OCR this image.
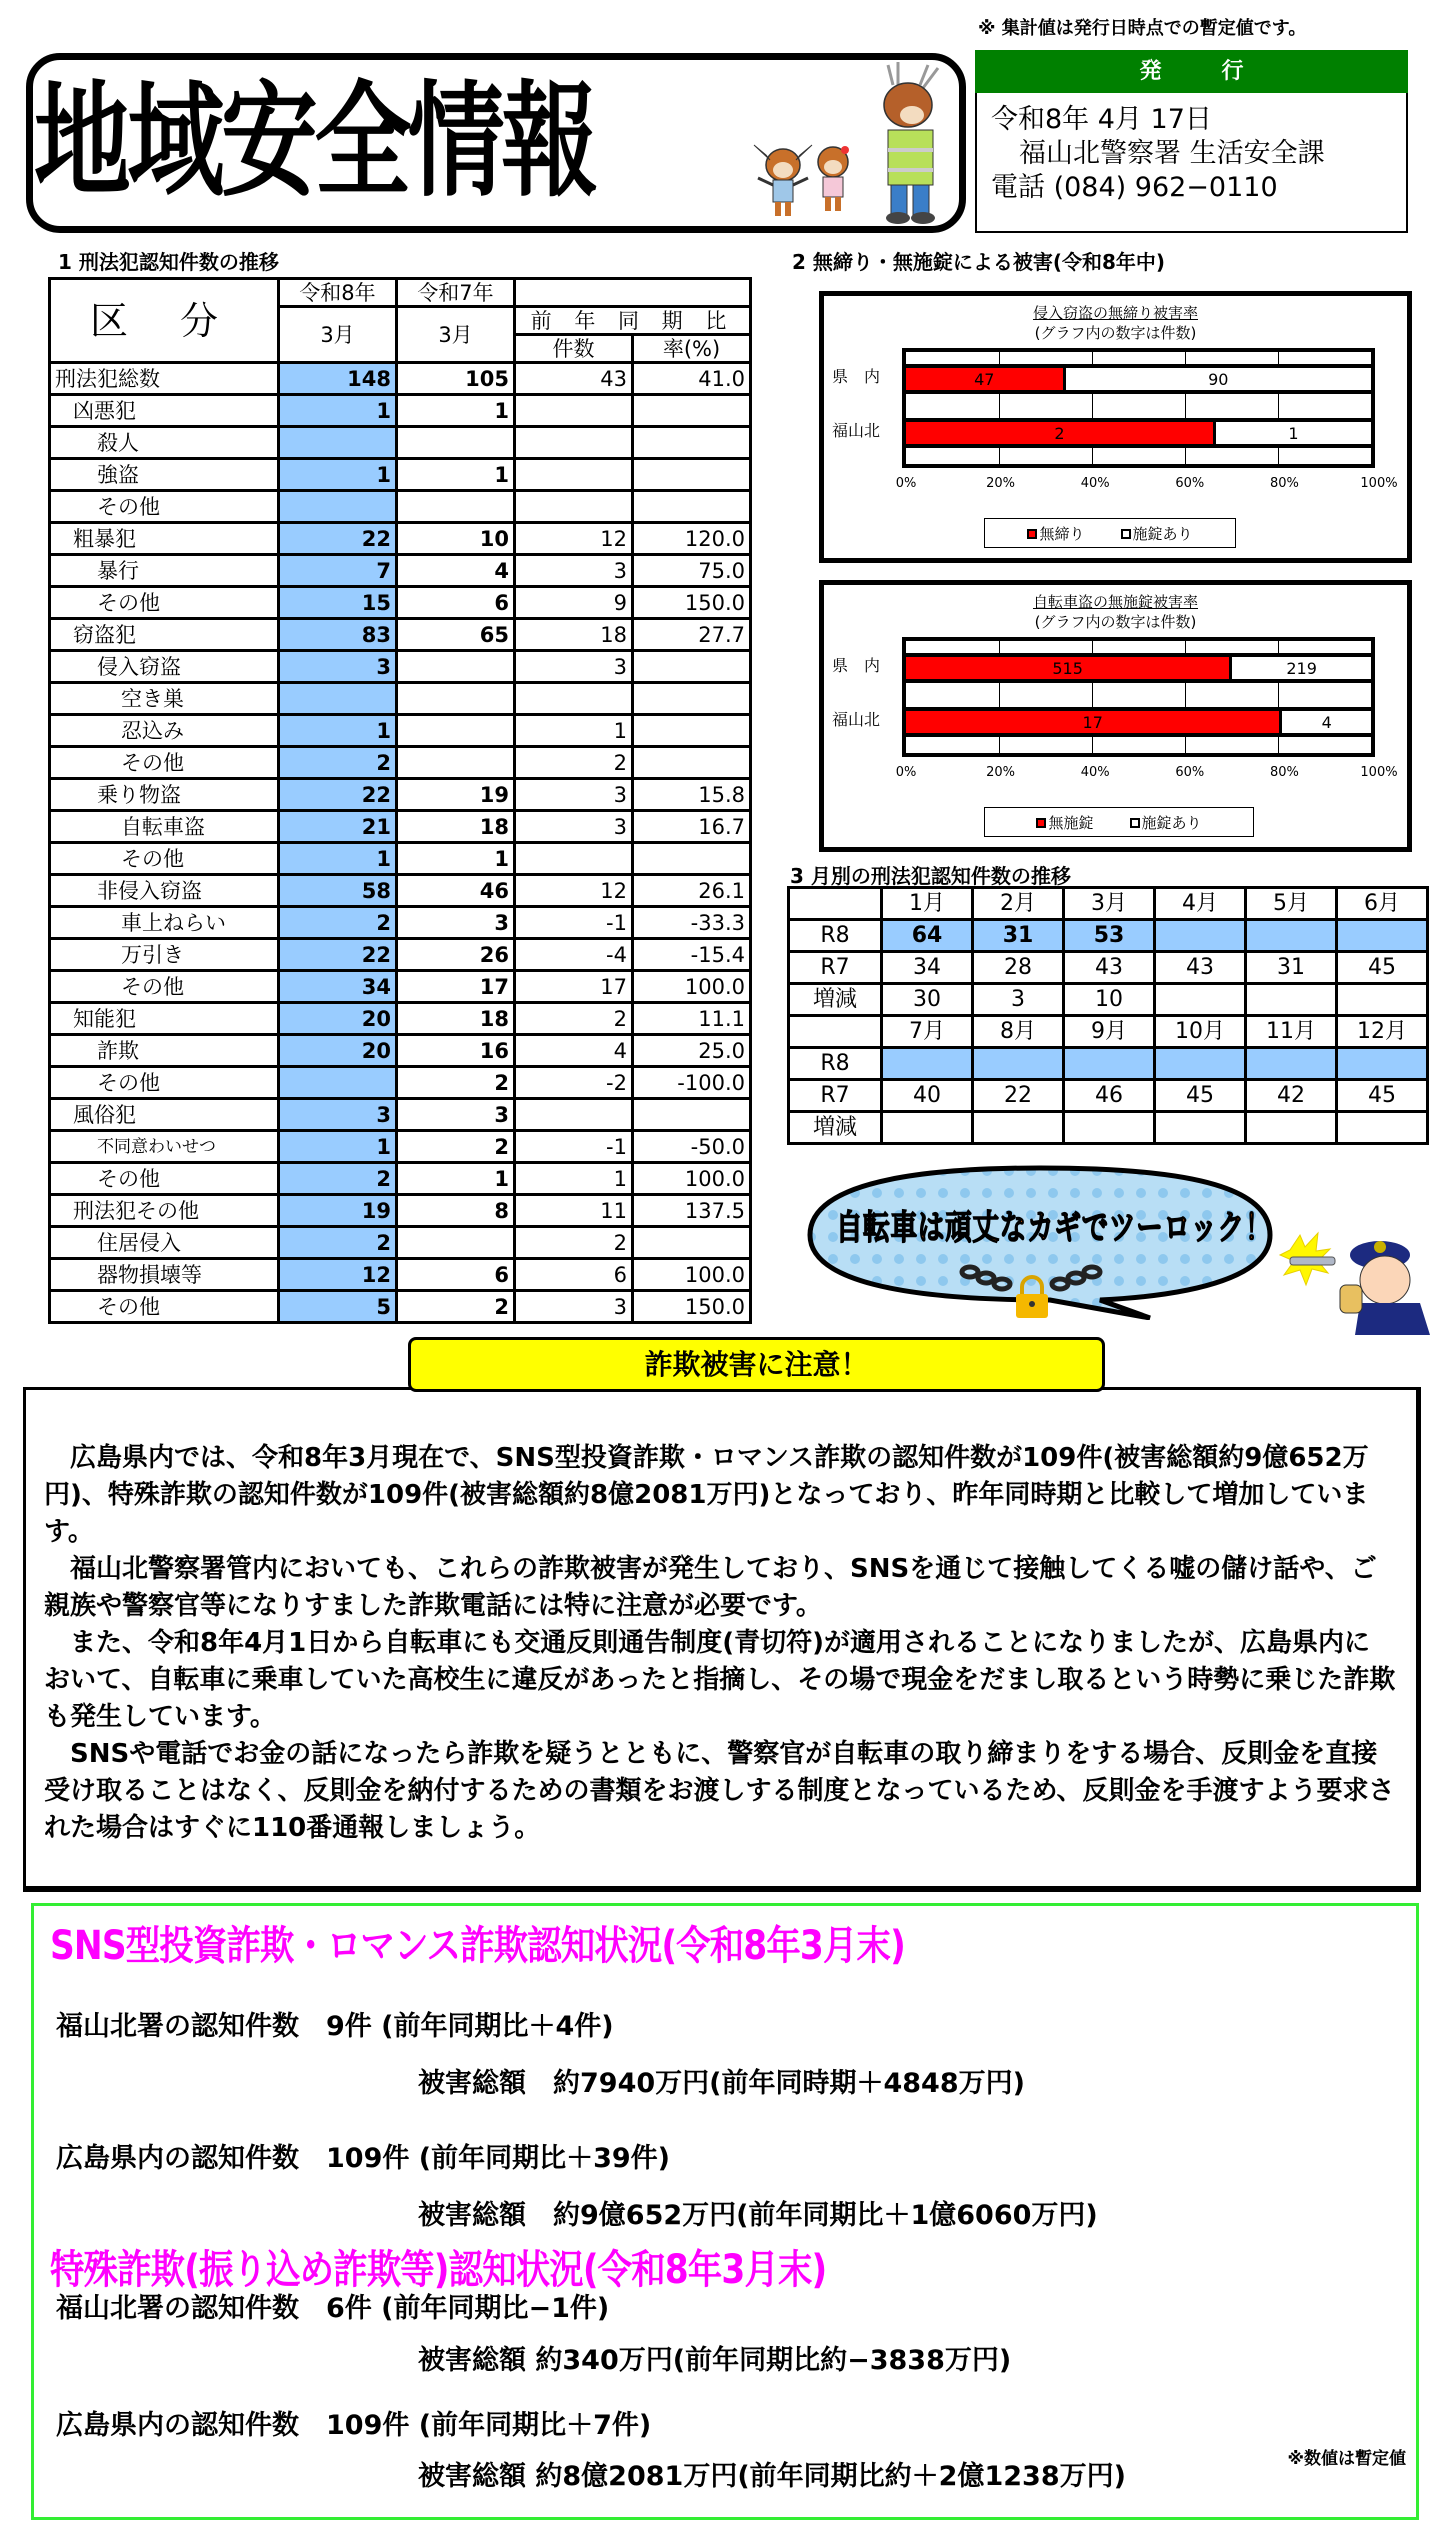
地域安全情報
※ 集計値は発行日時点での暫定値です。
発行
令和8年 4月 17日
福山北警察署 生活安全課
電話 (084) 962−0110
1 刑法犯認知件数の推移
区 分	令和8年	令和7年		
	3月	3月	前 年 同 期 比	
			件数	率(%)
刑法犯総数	148	105	43	41.0
凶悪犯	1	1		
殺人				
強盗	1	1		
その他				
粗暴犯	22	10	12	120.0
暴行	7	4	3	75.0
その他	15	6	9	150.0
窃盗犯	83	65	18	27.7
侵入窃盗	3		3	
空き巣				
忍込み	1		1	
その他	2		2	
乗り物盗	22	19	3	15.8
自転車盗	21	18	3	16.7
その他	1	1		
非侵入窃盗	58	46	12	26.1
車上ねらい	2	3	-1	-33.3
万引き	22	26	-4	-15.4
その他	34	17	17	100.0
知能犯	20	18	2	11.1
詐欺	20	16	4	25.0
その他		2	-2	-100.0
風俗犯	3	3		
不同意わいせつ	1	2	-1	-50.0
その他	2	1	1	100.0
刑法犯その他	19	8	11	137.5
住居侵入	2		2	
器物損壊等	12	6	6	100.0
その他	5	2	3	150.0
2 無締り・無施錠による被害(令和8年中)
侵入窃盗の無締り被害率
(グラフ内の数字は件数)
県　内
福山北
47	90
2	1
0%	20%	40%	60%	80%	100%
無締り	施錠あり
自転車盗の無施錠被害率
(グラフ内の数字は件数)
県　内
福山北
515	219
17	4
0%	20%	40%	60%	80%	100%
無施錠	施錠あり
3 月別の刑法犯認知件数の推移
	1月	2月	3月	4月	5月	6月
R8	64	31	53			
R7	34	28	43	43	31	45
増減	30	3	10			
	7月	8月	9月	10月	11月	12月
R8						
R7	40	22	46	45	42	45
増減						
自転車は頑丈なカギでツーロック！
詐欺被害に注意！

広島県内では、令和8年3月現在で、SNS型投資詐欺・ロマンス詐欺の認知件数が109件(被害総額約9億652万円)、特殊詐欺の認知件数が109件(被害総額約8億2081万円)となっており、昨年同時期と比較して増加しています。

福山北警察署管内においても、これらの詐欺被害が発生しており、SNSを通じて接触してくる嘘の儲け話や、ご親族や警察官等になりすました詐欺電話には特に注意が必要です。

また、令和8年4月1日から自転車にも交通反則通告制度(青切符)が適用されることになりましたが、広島県内において、自転車に乗車していた高校生に違反があったと指摘し、その場で現金をだまし取るという時勢に乗じた詐欺も発生しています。

SNSや電話でお金の話になったら詐欺を疑うとともに、警察官が自転車の取り締まりをする場合、反則金を直接受け取ることはなく、反則金を納付するための書類をお渡しする制度となっているため、反則金を手渡すよう要求された場合はすぐに110番通報しましょう。

SNS型投資詐欺・ロマンス詐欺認知状況(令和8年3月末)
福山北署の認知件数　9件 (前年同期比＋4件)
被害総額　約7940万円(前年同時期＋4848万円)
広島県内の認知件数　109件 (前年同期比＋39件)
被害総額　約9億652万円(前年同期比＋1億6060万円)
特殊詐欺(振り込め詐欺等)認知状況(令和8年3月末)
福山北署の認知件数　6件 (前年同期比−1件)
被害総額 約340万円(前年同期比約−3838万円)
広島県内の認知件数　109件 (前年同期比＋7件)
被害総額 約8億2081万円(前年同期比約＋2億1238万円)
※数値は暫定値
